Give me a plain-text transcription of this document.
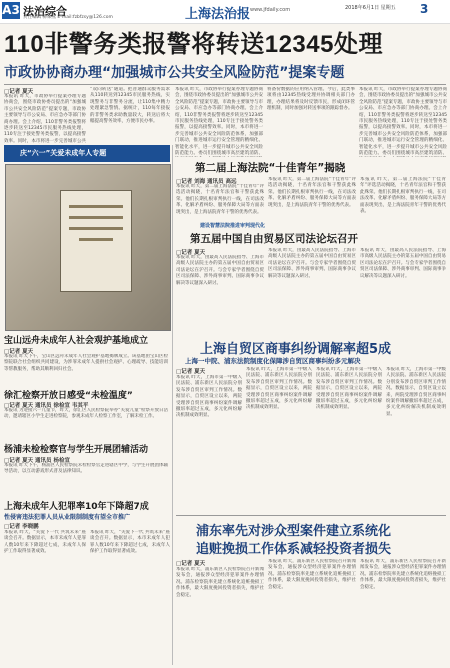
A3 法治综合
责任编辑 柳姝燕 E-mail:fzbfzsy@126.com	上海法治报 www.jfdaily.com	2018年6月1日 星期五 3
110非警务类报警将转送12345处理
市政协协商办理“加强城市公共安全风险防范”提案专题
□记者 夏天
本报讯 昨天，市政协举行提案办理专题协商会，围绕市政协委员提出的“加强城市公共安全风险防范”提案专题，市政协主要领导与市公安局、市应急办等部门协商办理。会上介绍，110非警务类报警将逐步转送至12345市民服务热线处理，110专注于接处警务类报警，以提高接警效率。同时，本市将进一步完善城市公共
“双向转送”通道。把普通群众服务需求从110转送到12345市民服务热线，实现警务与非警务分流，让110集中精力处理紧急警情。据统计，110每年接报的非警务类求助数量较大，转送后将大幅提高警务效率，方便市民办事。
本报讯 昨天，市政协举行提案办理专题协商会，围绕市政协委员提出的“加强城市公共安全风险防范”提案专题，市政协主要领导与市公安局、市应急办等部门协商办理。会上介绍，110非警务类报警将逐步转送至12345市民服务热线处理，110专注于接处警务类报警，以提高接警效率。同时，本市将进一步完善城市公共安全风险防范体系，加强部门联动，推进城市运行安全管理的精细化、智能化水平，进一步提升城市公共安全风险防范能力。委员们围绕城市高层建筑消防、
将备份数据的应用纳入管理。今后，此类事项将由12345热线受理并协调相关部门办理，办理结果将及时反馈市民，形成闭环管理机制，同时加强对转送事项的跟踪督办。
本报讯 昨天，市政协举行提案办理专题协商会，围绕市政协委员提出的“加强城市公共安全风险防范”提案专题，市政协主要领导与市公安局、市应急办等部门协商办理。会上介绍，110非警务类报警将逐步转送至12345市民服务热线处理，110专注于接处警务类报警，以提高接警效率。同时，本市将进一步完善城市公共安全风险防范体系，加强部门联动，推进城市运行安全管理的精细化、智能化水平，进一步提升城市公共安全风险防范能力。委员们围绕城市高层建筑消防、
庆“六一”关爱未成年人专题
宝山远舟未成年人社会观护基地成立
□记者 夏天
本报讯 昨天下午，宝山区远舟未成年人社会观护基地揭牌成立。该基地由宝山区检察院联合社会组织共同建设，为涉罪未成年人提供社会观护、心理疏导、技能培训等帮教服务，帮助其顺利回归社会。
徐汇检察开放日感受“未检温度”
□记者 夏天 通讯员 徐检宣 韦其平
本报讯 为迎接六一儿童节，昨天，徐汇区人民检察院举办“关爱儿童”检察开放日活动，邀请辖区小学生走进检察院，参观未成年人检察工作室，了解未检工作。
杨浦未检检察官与学生开展团辅活动
□记者 夏天 通讯员 杨检宣
本报讯 昨天下午，杨浦区人民检察院未检检察官走进辖区中学，与学生开展团体辅导活动，以互动游戏形式普及法律知识。
上海未成年人犯罪率10年下降超7成
性侵害违法犯罪人员从业限制制度有望全市推广
□记者 李晓鹏
本报讯 昨天，“关爱下一代 共筑未来”座谈会召开。数据显示，本市未成年人犯罪人数10年来下降超过七成，未成年人保护工作取得显著成效。
本报讯 昨天，“关爱下一代 共筑未来”座谈会召开。数据显示，本市未成年人犯罪人数10年来下降超过七成，未成年人保护工作取得显著成效。
第二届上海法院“十佳青年”揭晓
□记者 刘海 通讯员 高远
本报讯 昨天，第二届上海法院“十佳青年”评选活动揭晓，十名青年法官和干警获此殊荣。他们长期扎根审判执行一线，在司法改革、化解矛盾纠纷、服务保障大局等方面表现突出，是上海法院青年干警的优秀代表。
本报讯 昨天，第二届上海法院“十佳青年”评选活动揭晓，十名青年法官和干警获此殊荣。他们长期扎根审判执行一线，在司法改革、化解矛盾纠纷、服务保障大局等方面表现突出，是上海法院青年干警的优秀代表。
本报讯 昨天，第二届上海法院“十佳青年”评选活动揭晓，十名青年法官和干警获此殊荣。他们长期扎根审判执行一线，在司法改革、化解矛盾纠纷、服务保障大局等方面表现突出，是上海法院青年干警的优秀代表。
建设智慧法院推进审判现代化
第五届中国自由贸易区司法论坛召开
□记者 夏天
本报讯 昨天，由最高人民法院指导、上海市高级人民法院主办的第五届中国自由贸易区司法论坛在沪召开。与会专家学者围绕自贸区司法保障、涉外商事审判、国际商事争议解决等议题深入研讨。
本报讯 昨天，由最高人民法院指导、上海市高级人民法院主办的第五届中国自由贸易区司法论坛在沪召开。与会专家学者围绕自贸区司法保障、涉外商事审判、国际商事争议解决等议题深入研讨。
本报讯 昨天，由最高人民法院指导、上海市高级人民法院主办的第五届中国自由贸易区司法论坛在沪召开。与会专家学者围绕自贸区司法保障、涉外商事审判、国际商事争议解决等议题深入研讨。
上海自贸区商事纠纷调解率超5成
上海一中院、浦东法院制度化保障涉自贸区商事纠纷多元解决
□记者 夏天
本报讯 昨天，上海市第一中级人民法院、浦东新区人民法院分别发布涉自贸区审判工作情况。数据显示，自贸区设立以来，两院受理涉自贸区商事纠纷案件调解撤诉率超过五成，多元化纠纷解决机制成效明显。
本报讯 昨天，上海市第一中级人民法院、浦东新区人民法院分别发布涉自贸区审判工作情况。数据显示，自贸区设立以来，两院受理涉自贸区商事纠纷案件调解撤诉率超过五成，多元化纠纷解决机制成效明显。
本报讯 昨天，上海市第一中级人民法院、浦东新区人民法院分别发布涉自贸区审判工作情况。数据显示，自贸区设立以来，两院受理涉自贸区商事纠纷案件调解撤诉率超过五成，多元化纠纷解决机制成效明显。
本报讯 昨天，上海市第一中级人民法院、浦东新区人民法院分别发布涉自贸区审判工作情况。数据显示，自贸区设立以来，两院受理涉自贸区商事纠纷案件调解撤诉率超过五成，多元化纠纷解决机制成效明显。
浦东率先对涉众型案件建立系统化
追赃挽损工作体系减轻投资者损失
□记者 夏天
本报讯 昨天，浦东新区人民检察院召开新闻发布会，通报涉众型经济犯罪案件办理情况。浦东检察院率先建立系统化追赃挽损工作体系，最大限度挽回投资者损失，维护社会稳定。
本报讯 昨天，浦东新区人民检察院召开新闻发布会，通报涉众型经济犯罪案件办理情况。浦东检察院率先建立系统化追赃挽损工作体系，最大限度挽回投资者损失，维护社会稳定。
本报讯 昨天，浦东新区人民检察院召开新闻发布会，通报涉众型经济犯罪案件办理情况。浦东检察院率先建立系统化追赃挽损工作体系，最大限度挽回投资者损失，维护社会稳定。
